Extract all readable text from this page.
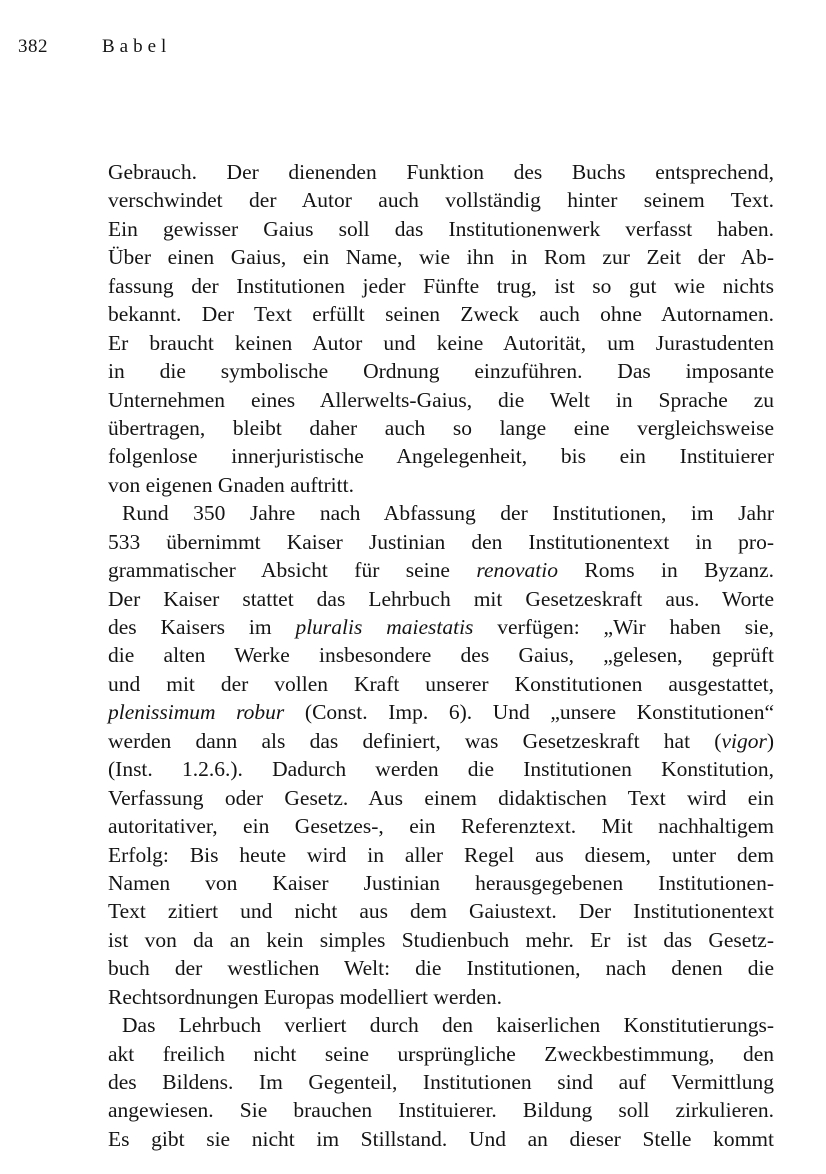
382	Babel
Gebrauch. Der dienenden Funktion des Buchs entsprechend,
verschwindet der Autor auch vollständig hinter seinem Text.
Ein gewisser Gaius soll das Institutionenwerk verfasst haben.
Über einen Gaius, ein Name, wie ihn in Rom zur Zeit der Ab-
fassung der Institutionen jeder Fünfte trug, ist so gut wie nichts
bekannt. Der Text erfüllt seinen Zweck auch ohne Autornamen.
Er braucht keinen Autor und keine Autorität, um Jurastudenten
in die symbolische Ordnung einzuführen. Das imposante
Unternehmen eines Allerwelts-Gaius, die Welt in Sprache zu
übertragen, bleibt daher auch so lange eine vergleichsweise
folgenlose innerjuristische Angelegenheit, bis ein Instituierer
von eigenen Gnaden auftritt.
Rund 350 Jahre nach Abfassung der Institutionen, im Jahr
533 übernimmt Kaiser Justinian den Institutionentext in pro-
grammatischer Absicht für seine renovatio Roms in Byzanz.
Der Kaiser stattet das Lehrbuch mit Gesetzeskraft aus. Worte
des Kaisers im pluralis maiestatis verfügen: „Wir haben sie,
die alten Werke insbesondere des Gaius, „gelesen, geprüft
und mit der vollen Kraft unserer Konstitutionen ausgestattet,
plenissimum robur (Const. Imp. 6). Und „unsere Konstitutionen“
werden dann als das definiert, was Gesetzeskraft hat (vigor)
(Inst. 1.2.6.). Dadurch werden die Institutionen Konstitution,
Verfassung oder Gesetz. Aus einem didaktischen Text wird ein
autoritativer, ein Gesetzes-, ein Referenztext. Mit nachhaltigem
Erfolg: Bis heute wird in aller Regel aus diesem, unter dem
Namen von Kaiser Justinian herausgegebenen Institutionen-
Text zitiert und nicht aus dem Gaiustext. Der Institutionentext
ist von da an kein simples Studienbuch mehr. Er ist das Gesetz-
buch der westlichen Welt: die Institutionen, nach denen die
Rechtsordnungen Europas modelliert werden.
Das Lehrbuch verliert durch den kaiserlichen Konstitutierungs-
akt freilich nicht seine ursprüngliche Zweckbestimmung, den
des Bildens. Im Gegenteil, Institutionen sind auf Vermittlung
angewiesen. Sie brauchen Instituierer. Bildung soll zirkulieren.
Es gibt sie nicht im Stillstand. Und an dieser Stelle kommt
